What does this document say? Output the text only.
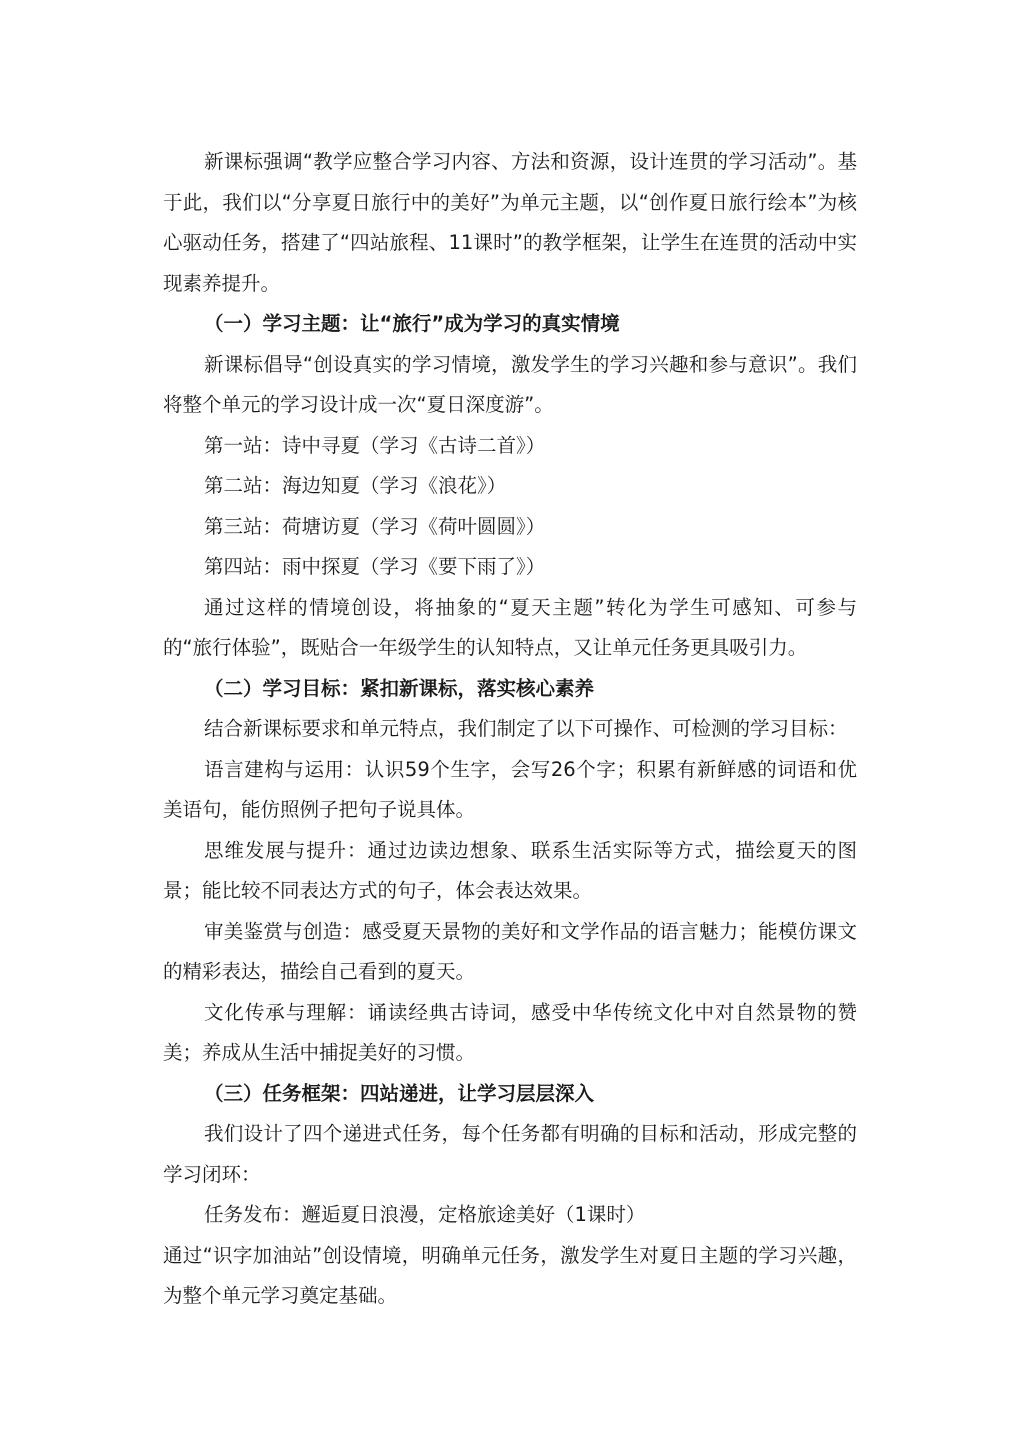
新课标强调“教学应整合学习内容、方法和资源，设计连贯的学习活动”。基于此，我们以“分享夏日旅行中的美好”为单元主题，以“创作夏日旅行绘本”为核心驱动任务，搭建了“四站旅程、11课时”的教学框架，让学生在连贯的活动中实现素养提升。

（一）学习主题：让“旅行”成为学习的真实情境

新课标倡导“创设真实的学习情境，激发学生的学习兴趣和参与意识”。我们将整个单元的学习设计成一次“夏日深度游”。

第一站：诗中寻夏（学习《古诗二首》）

第二站：海边知夏（学习《浪花》）

第三站：荷塘访夏（学习《荷叶圆圆》）

第四站：雨中探夏（学习《要下雨了》）

通过这样的情境创设，将抽象的“夏天主题”转化为学生可感知、可参与的“旅行体验”，既贴合一年级学生的认知特点，又让单元任务更具吸引力。

（二）学习目标：紧扣新课标，落实核心素养

结合新课标要求和单元特点，我们制定了以下可操作、可检测的学习目标：

语言建构与运用：认识59个生字，会写26个字；积累有新鲜感的词语和优美语句，能仿照例子把句子说具体。

思维发展与提升：通过边读边想象、联系生活实际等方式，描绘夏天的图景；能比较不同表达方式的句子，体会表达效果。

审美鉴赏与创造：感受夏天景物的美好和文学作品的语言魅力；能模仿课文的精彩表达，描绘自己看到的夏天。

文化传承与理解：诵读经典古诗词，感受中华传统文化中对自然景物的赞美；养成从生活中捕捉美好的习惯。

（三）任务框架：四站递进，让学习层层深入

我们设计了四个递进式任务，每个任务都有明确的目标和活动，形成完整的学习闭环：

任务发布：邂逅夏日浪漫，定格旅途美好（1课时）

通过“识字加油站”创设情境，明确单元任务，激发学生对夏日主题的学习兴趣，为整个单元学习奠定基础。
